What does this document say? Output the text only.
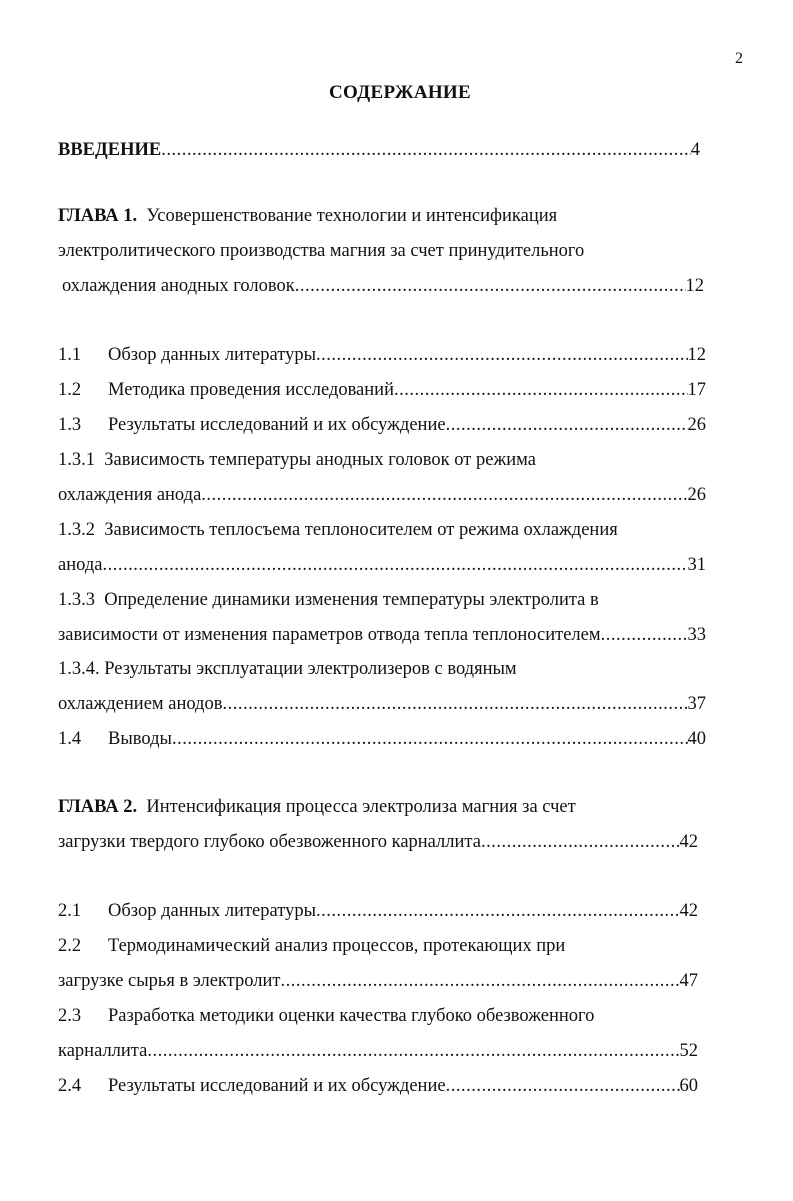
2
СОДЕРЖАНИЕ
ВВЕДЕНИЕ .....	4
ГЛАВА 1. Усовершенствование технологии и интенсификация
электролитического производства магния за счет принудительного
охлаждения анодных головок .....	12
1.1 Обзор данных литературы .....	12
1.2 Методика проведения исследований .....	17
1.3 Результаты исследований и их обсуждение .....	26
1.3.1  Зависимость температуры анодных головок от режима
охлаждения анода .....	26
1.3.2  Зависимость теплосъема теплоносителем от режима охлаждения
анода .....	31
1.3.3  Определение динамики изменения температуры электролита в
зависимости от изменения параметров отвода тепла теплоносителем .....	33
1.3.4. Результаты эксплуатации электролизеров с водяным
охлаждением анодов .....	37
1.4 Выводы .....	40
ГЛАВА 2. Интенсификация процесса электролиза магния за счет
загрузки твердого глубоко обезвоженного карналлита .....	42
2.1 Обзор данных литературы .....	42
2.2 Термодинамический анализ процессов, протекающих при
загрузке сырья в электролит .....	47
2.3 Разработка методики оценки качества глубоко обезвоженного
карналлита .....	52
2.4 Результаты исследований и их обсуждение .....	60
